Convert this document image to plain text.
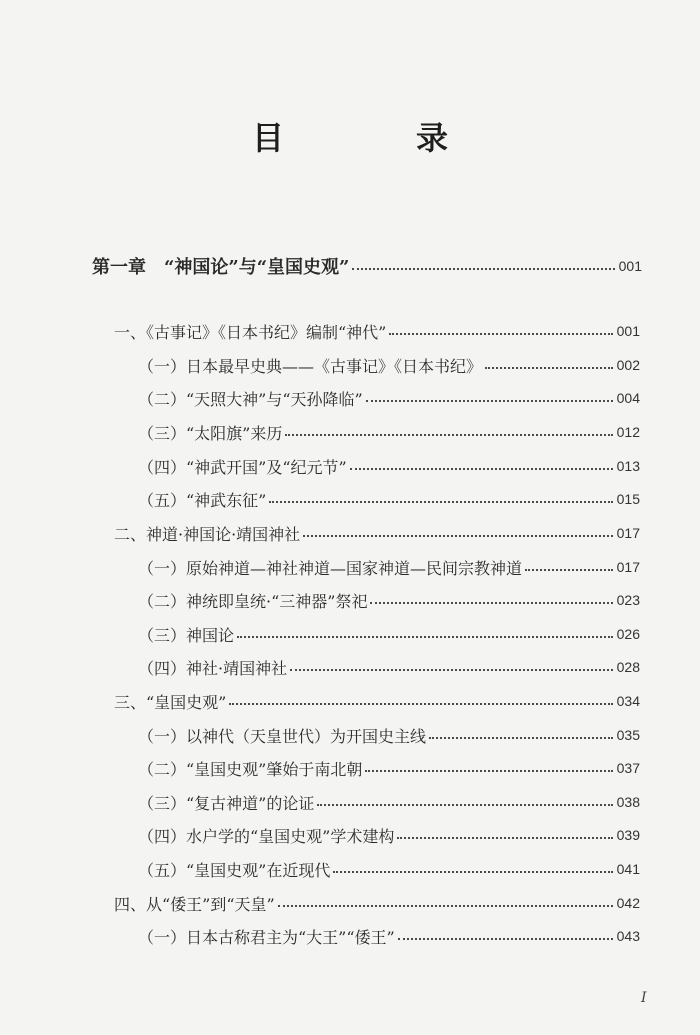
目　录
第一章　“神国论”与“皇国史观”	001
一、《古事记》《日本书纪》编制“神代”	001
（一）日本最早史典——《古事记》《日本书纪》	002
（二）“天照大神”与“天孙降临”	004
（三）“太阳旗”来历	012
（四）“神武开国”及“纪元节”	013
（五）“神武东征”	015
二、神道·神国论·靖国神社	017
（一）原始神道—神社神道—国家神道—民间宗教神道	017
（二）神统即皇统·“三神器”祭祀	023
（三）神国论	026
（四）神社·靖国神社	028
三、“皇国史观”	034
（一）以神代（天皇世代）为开国史主线	035
（二）“皇国史观”肇始于南北朝	037
（三）“复古神道”的论证	038
（四）水户学的“皇国史观”学术建构	039
（五）“皇国史观”在近现代	041
四、从“倭王”到“天皇”	042
（一）日本古称君主为“大王”“倭王”	043
I
